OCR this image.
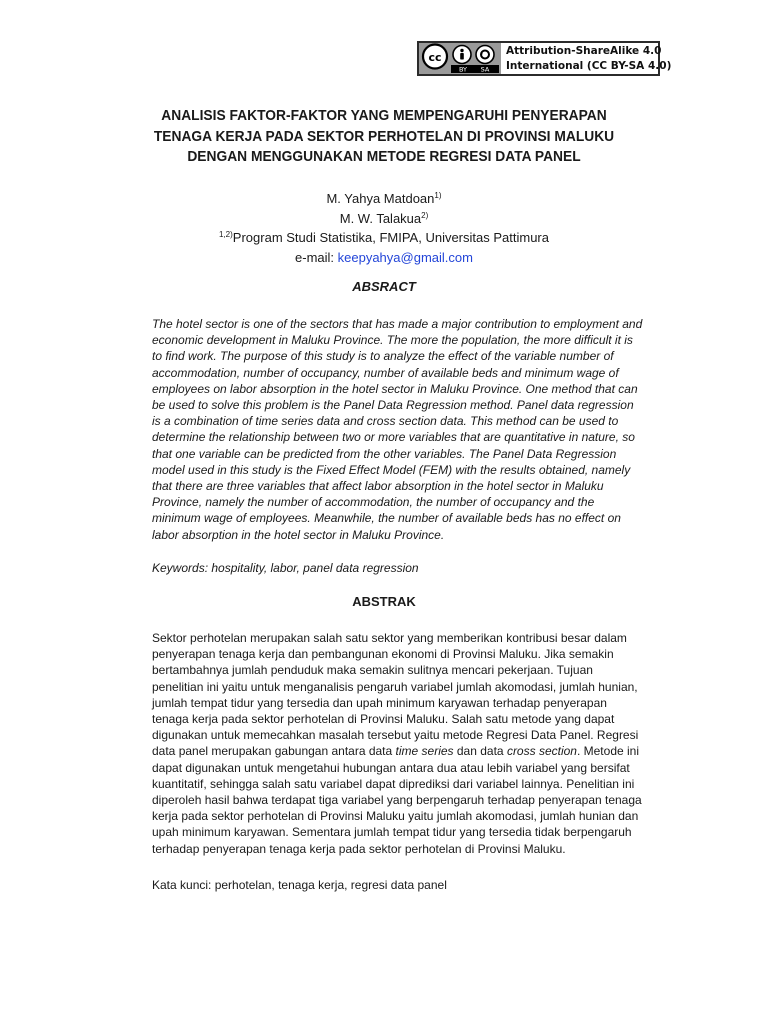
cc
BY SA
Attribution-ShareAlike 4.0
International (CC BY-SA 4.0)
ANALISIS FAKTOR-FAKTOR YANG MEMPENGARUHI PENYERAPAN
TENAGA KERJA PADA SEKTOR PERHOTELAN DI PROVINSI MALUKU
DENGAN MENGGUNAKAN METODE REGRESI DATA PANEL
M. Yahya Matdoan$^{1)}$
M. W. Talakua$^{2)}$
$^{1,2)}$Program Studi Statistika, FMIPA, Universitas Pattimura
e-mail: keepyahya@gmail.com
ABSRACT
The hotel sector is one of the sectors that has made a major contribution to employment and
economic development in Maluku Province. The more the population, the more difficult it is
to find work. The purpose of this study is to analyze the effect of the variable number of
accommodation, number of occupancy, number of available beds and minimum wage of
employees on labor absorption in the hotel sector in Maluku Province. One method that can
be used to solve this problem is the Panel Data Regression method. Panel data regression
is a combination of time series data and cross section data. This method can be used to
determine the relationship between two or more variables that are quantitative in nature, so
that one variable can be predicted from the other variables. The Panel Data Regression
model used in this study is the Fixed Effect Model (FEM) with the results obtained, namely
that there are three variables that affect labor absorption in the hotel sector in Maluku
Province, namely the number of accommodation, the number of occupancy and the
minimum wage of employees. Meanwhile, the number of available beds has no effect on
labor absorption in the hotel sector in Maluku Province.
Keywords: hospitality, labor, panel data regression
ABSTRAK
Sektor perhotelan merupakan salah satu sektor yang memberikan kontribusi besar dalam
penyerapan tenaga kerja dan pembangunan ekonomi di Provinsi Maluku. Jika semakin
bertambahnya jumlah penduduk maka semakin sulitnya mencari pekerjaan. Tujuan
penelitian ini yaitu untuk menganalisis pengaruh variabel jumlah akomodasi, jumlah hunian,
jumlah tempat tidur yang tersedia dan upah minimum karyawan terhadap penyerapan
tenaga kerja pada sektor perhotelan di Provinsi Maluku. Salah satu metode yang dapat
digunakan untuk memecahkan masalah tersebut yaitu metode Regresi Data Panel. Regresi
data panel merupakan gabungan antara data time series dan data cross section. Metode ini
dapat digunakan untuk mengetahui hubungan antara dua atau lebih variabel yang bersifat
kuantitatif, sehingga salah satu variabel dapat diprediksi dari variabel lainnya. Penelitian ini
diperoleh hasil bahwa terdapat tiga variabel yang berpengaruh terhadap penyerapan tenaga
kerja pada sektor perhotelan di Provinsi Maluku yaitu jumlah akomodasi, jumlah hunian dan
upah minimum karyawan. Sementara jumlah tempat tidur yang tersedia tidak berpengaruh
terhadap penyerapan tenaga kerja pada sektor perhotelan di Provinsi Maluku.
Kata kunci: perhotelan, tenaga kerja, regresi data panel
